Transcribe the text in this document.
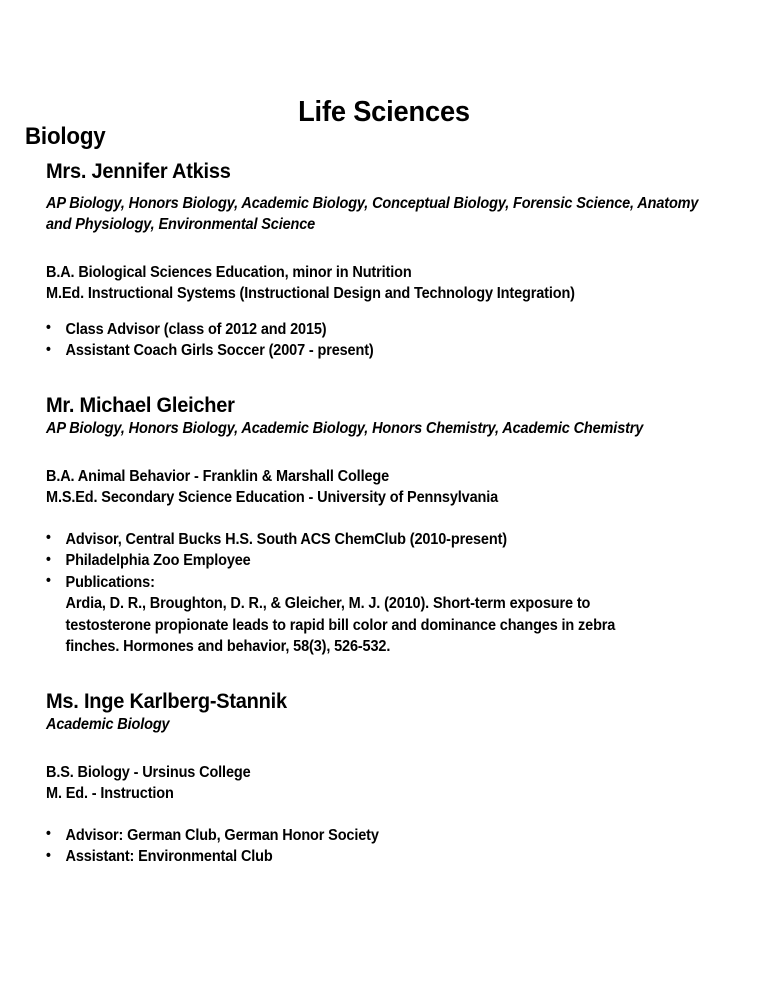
Life Sciences
Biology
Mrs. Jennifer Atkiss

AP Biology, Honors Biology, Academic Biology, Conceptual Biology, Forensic Science, Anatomy and Physiology, Environmental Science

B.A. Biological Sciences Education, minor in Nutrition
M.Ed. Instructional Systems (Instructional Design and Technology Integration)
• Class Advisor (class of 2012 and 2015)
• Assistant Coach Girls Soccer (2007 - present)
Mr. Michael Gleicher

AP Biology, Honors Biology, Academic Biology, Honors Chemistry, Academic Chemistry

B.A. Animal Behavior - Franklin & Marshall College
M.S.Ed. Secondary Science Education - University of Pennsylvania
• Advisor, Central Bucks H.S. South ACS ChemClub (2010-present)
• Philadelphia Zoo Employee
• Publications:
Ardia, D. R., Broughton, D. R., & Gleicher, M. J. (2010). Short-term exposure to testosterone propionate leads to rapid bill color and dominance changes in zebra finches. Hormones and behavior, 58(3), 526-532.
Ms. Inge Karlberg-Stannik

Academic Biology

B.S. Biology - Ursinus College
M. Ed. - Instruction
• Advisor: German Club, German Honor Society
• Assistant: Environmental Club
